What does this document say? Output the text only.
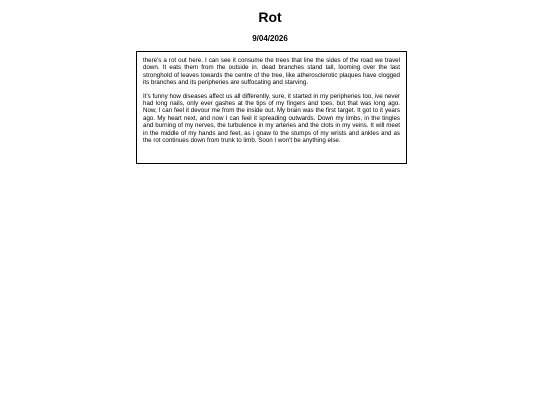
Rot
9/04/2026

there's a rot out here. I can see it consume the trees that line the sides of the road we travel down. It eats them from the outside in. dead branches stand tall, looming over the last stronghold of leaves towards the centre of the tree, like atherosclerotic plaques have clogged its branches and its peripheries are suffocating and starving.

It's funny how diseases affect us all differently. sure, it started in my peripheries too, ive never had long nails, only ever gashes at the tips of my fingers and toes, but that was long ago. Now, I can feel it devour me from the inside out. My brain was the first target. It got to it years ago. My heart next, and now I can feel it spreading outwards. Down my limbs, in the tingles and burning of my nerves, the turbulence in my arteries and the clots in my veins. It will meet in the middle of my hands and feet, as i gnaw to the stumps of my wrists and ankles and as the rot continues down from trunk to limb. Soon I won't be anything else.
